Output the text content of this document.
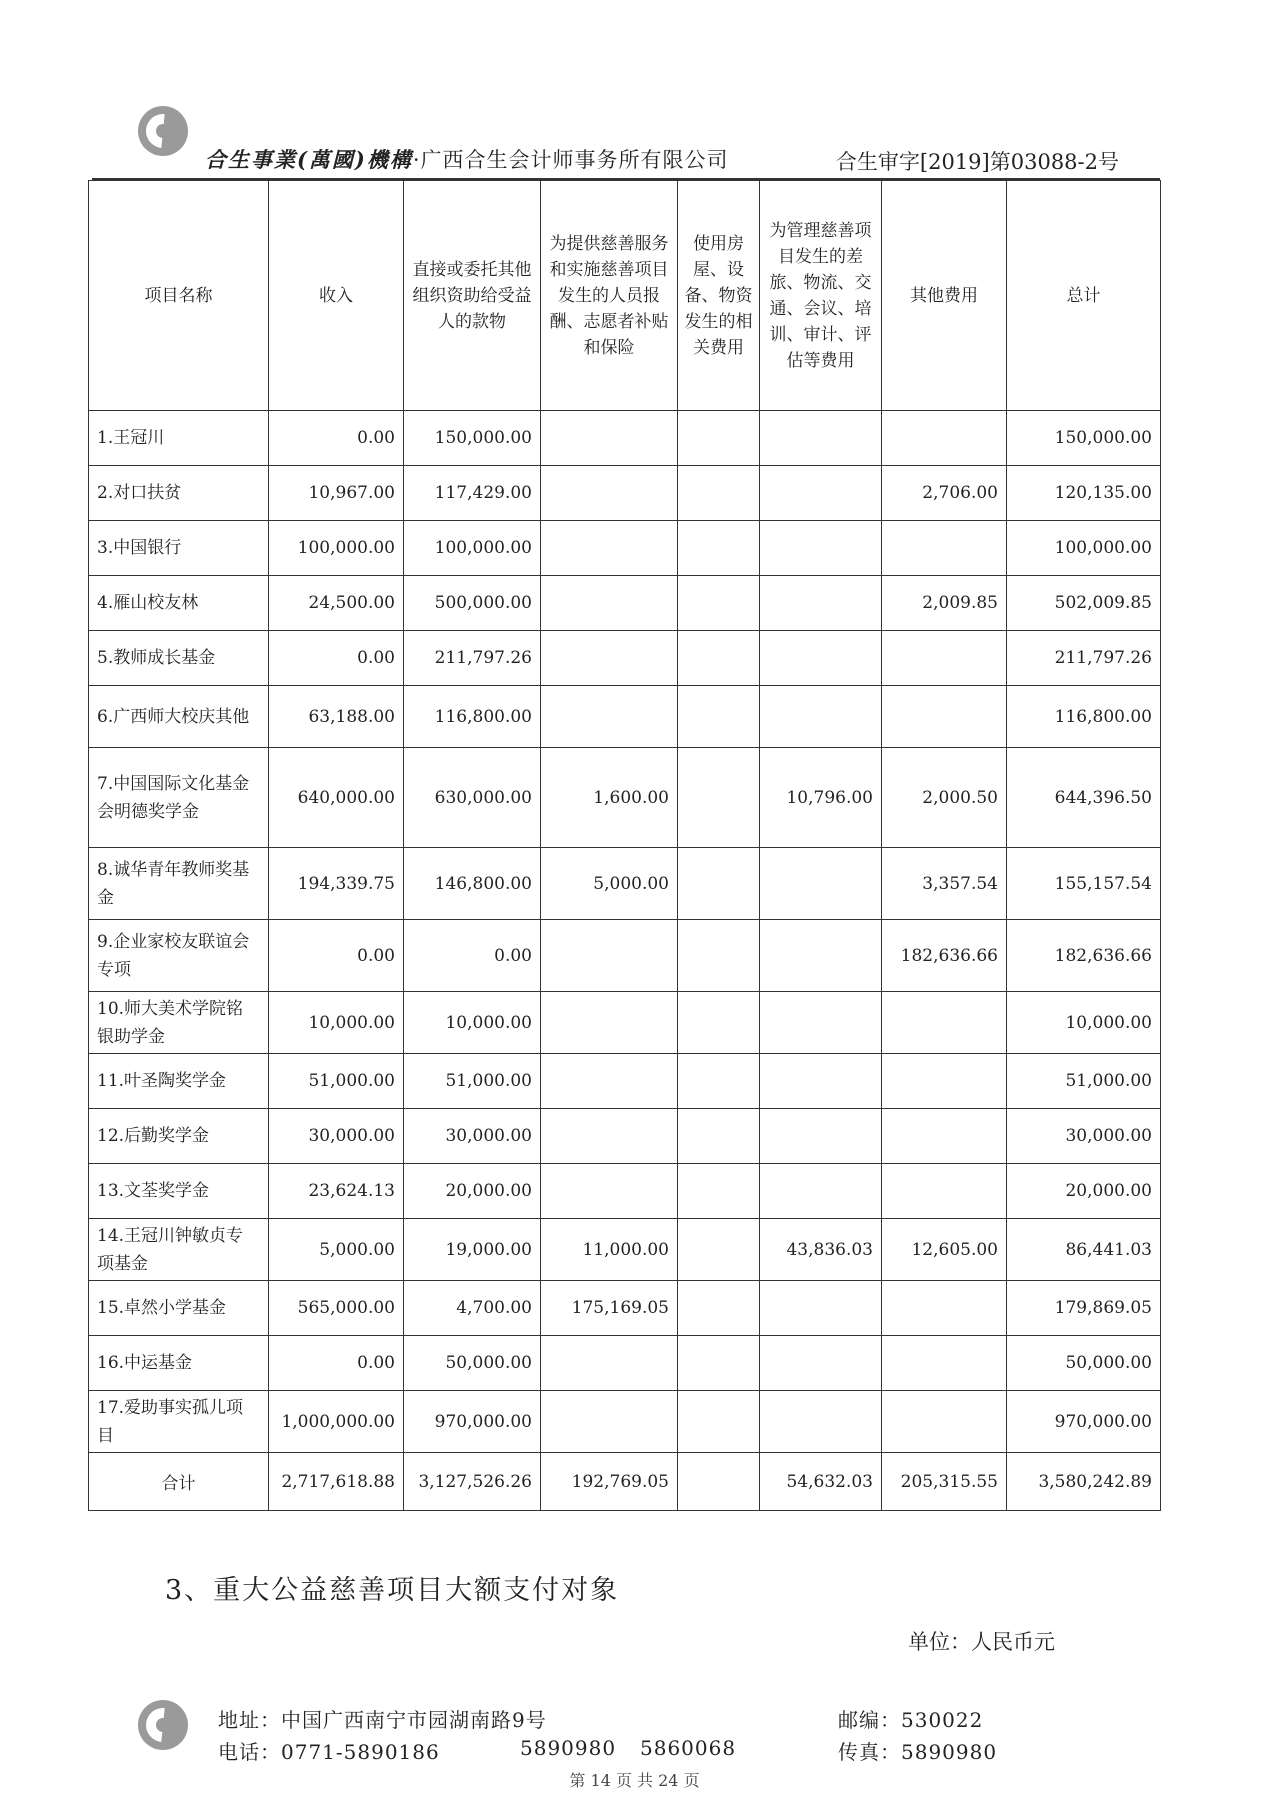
合生事業(萬國)機構·广西合生会计师事务所有限公司	合生审字[2019]第03088-2号
项目名称	收入	直接或委托其他组织资助给受益人的款物	为提供慈善服务和实施慈善项目发生的人员报酬、志愿者补贴和保险	使用房屋、设备、物资发生的相关费用	为管理慈善项目发生的差旅、物流、交通、会议、培训、审计、评估等费用	其他费用	总计
1.王冠川	0.00	150,000.00					150,000.00
2.对口扶贫	10,967.00	117,429.00				2,706.00	120,135.00
3.中国银行	100,000.00	100,000.00					100,000.00
4.雁山校友林	24,500.00	500,000.00				2,009.85	502,009.85
5.教师成长基金	0.00	211,797.26					211,797.26
6.广西师大校庆其他	63,188.00	116,800.00					116,800.00
7.中国国际文化基金会明德奖学金	640,000.00	630,000.00	1,600.00		10,796.00	2,000.50	644,396.50
8.诚华青年教师奖基金	194,339.75	146,800.00	5,000.00			3,357.54	155,157.54
9.企业家校友联谊会专项	0.00	0.00				182,636.66	182,636.66
10.师大美术学院铭银助学金	10,000.00	10,000.00					10,000.00
11.叶圣陶奖学金	51,000.00	51,000.00					51,000.00
12.后勤奖学金	30,000.00	30,000.00					30,000.00
13.文荃奖学金	23,624.13	20,000.00					20,000.00
14.王冠川钟敏贞专项基金	5,000.00	19,000.00	11,000.00		43,836.03	12,605.00	86,441.03
15.卓然小学基金	565,000.00	4,700.00	175,169.05				179,869.05
16.中运基金	0.00	50,000.00					50,000.00
17.爱助事实孤儿项目	1,000,000.00	970,000.00					970,000.00
合计	2,717,618.88	3,127,526.26	192,769.05		54,632.03	205,315.55	3,580,242.89
3、重大公益慈善项目大额支付对象
单位：人民币元
地址：中国广西南宁市园湖南路9号	邮编：530022
电话：0771-5890186	5890980 5860068	传真：5890980
第 14 页 共 24 页
